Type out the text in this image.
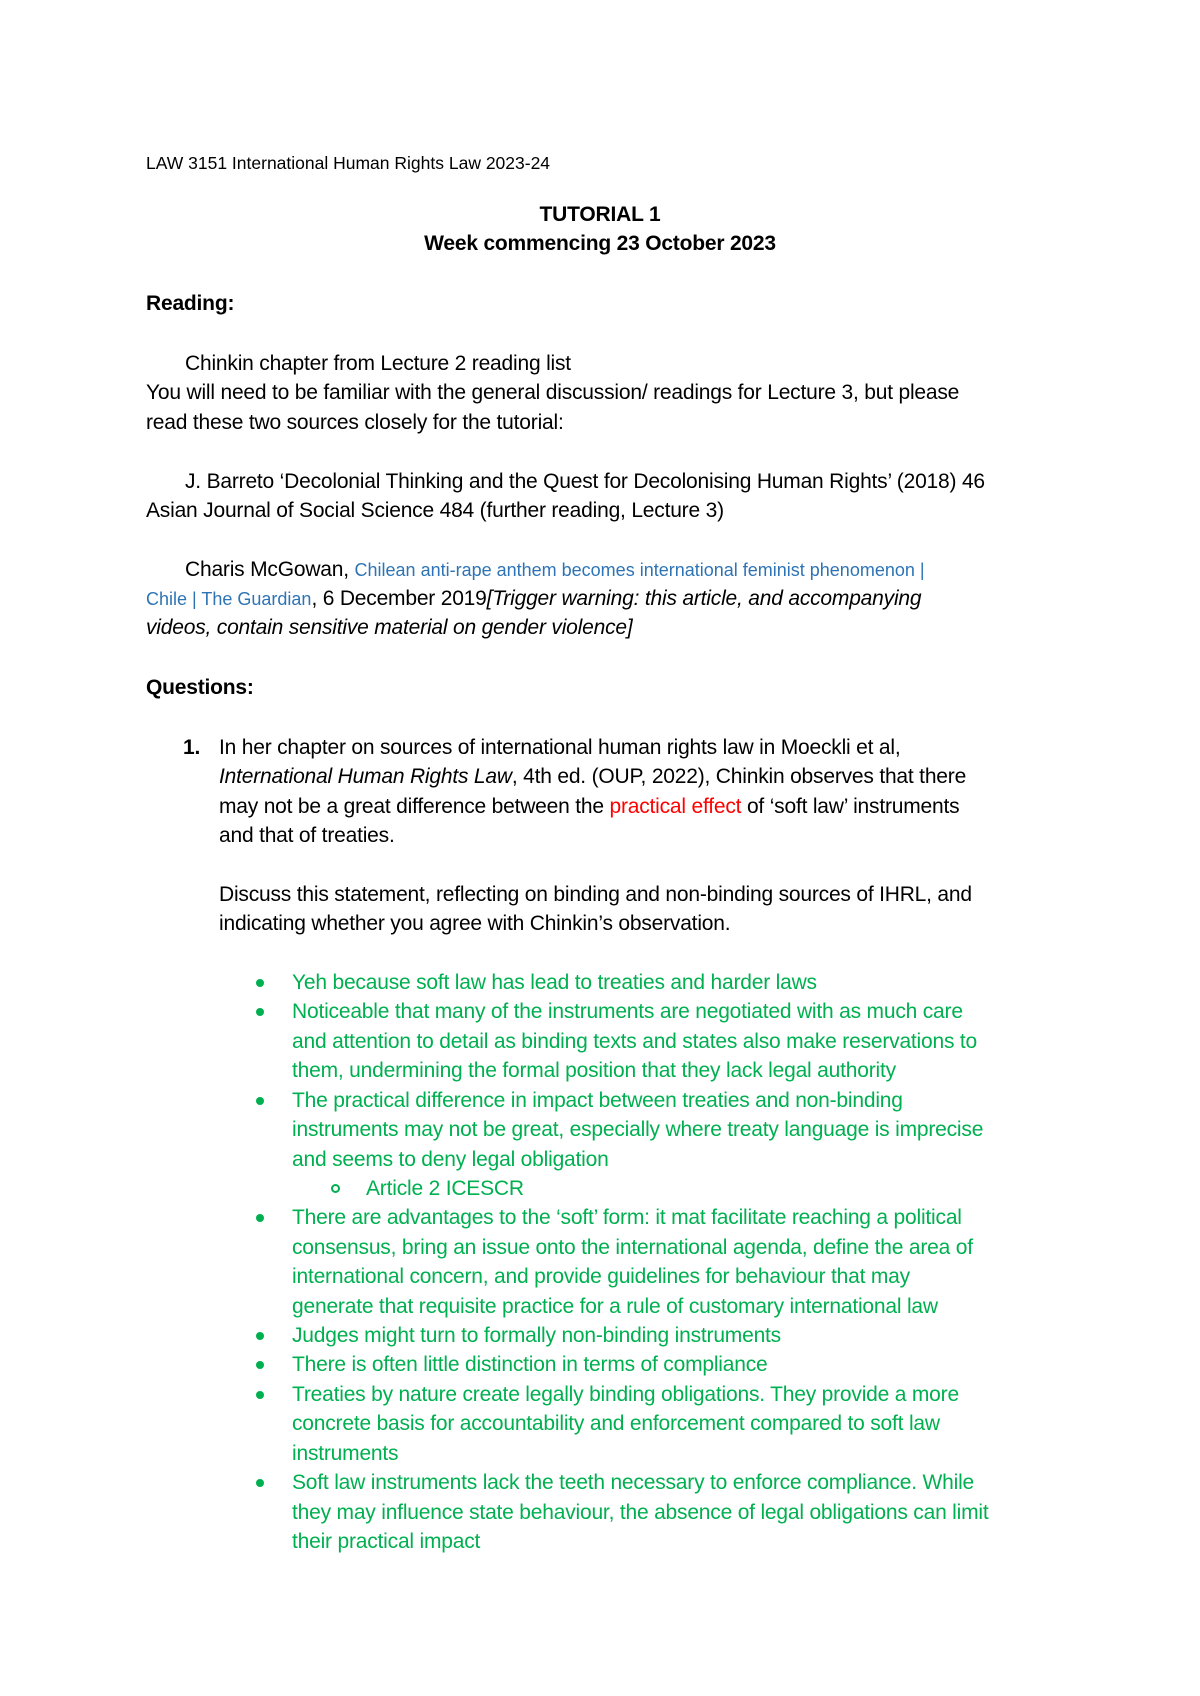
LAW 3151 International Human Rights Law 2023-24
TUTORIAL 1
Week commencing 23 October 2023
Reading:
Chinkin chapter from Lecture 2 reading list
You will need to be familiar with the general discussion/ readings for Lecture 3, but please
read these two sources closely for the tutorial:
J. Barreto ‘Decolonial Thinking and the Quest for Decolonising Human Rights’ (2018) 46
Asian Journal of Social Science 484 (further reading, Lecture 3)
Charis McGowan, Chilean anti-rape anthem becomes international feminist phenomenon |
Chile | The Guardian, 6 December 2019[Trigger warning: this article, and accompanying
videos, contain sensitive material on gender violence]
Questions:
1. In her chapter on sources of international human rights law in Moeckli et al,
International Human Rights Law, 4th ed. (OUP, 2022), Chinkin observes that there
may not be a great difference between the practical effect of ‘soft law’ instruments
and that of treaties.
Discuss this statement, reflecting on binding and non-binding sources of IHRL, and
indicating whether you agree with Chinkin’s observation.
Yeh because soft law has lead to treaties and harder laws
Noticeable that many of the instruments are negotiated with as much care
and attention to detail as binding texts and states also make reservations to
them, undermining the formal position that they lack legal authority
The practical difference in impact between treaties and non-binding
instruments may not be great, especially where treaty language is imprecise
and seems to deny legal obligation
Article 2 ICESCR
There are advantages to the ‘soft’ form: it mat facilitate reaching a political
consensus, bring an issue onto the international agenda, define the area of
international concern, and provide guidelines for behaviour that may
generate that requisite practice for a rule of customary international law
Judges might turn to formally non-binding instruments
There is often little distinction in terms of compliance
Treaties by nature create legally binding obligations. They provide a more
concrete basis for accountability and enforcement compared to soft law
instruments
Soft law instruments lack the teeth necessary to enforce compliance. While
they may influence state behaviour, the absence of legal obligations can limit
their practical impact
